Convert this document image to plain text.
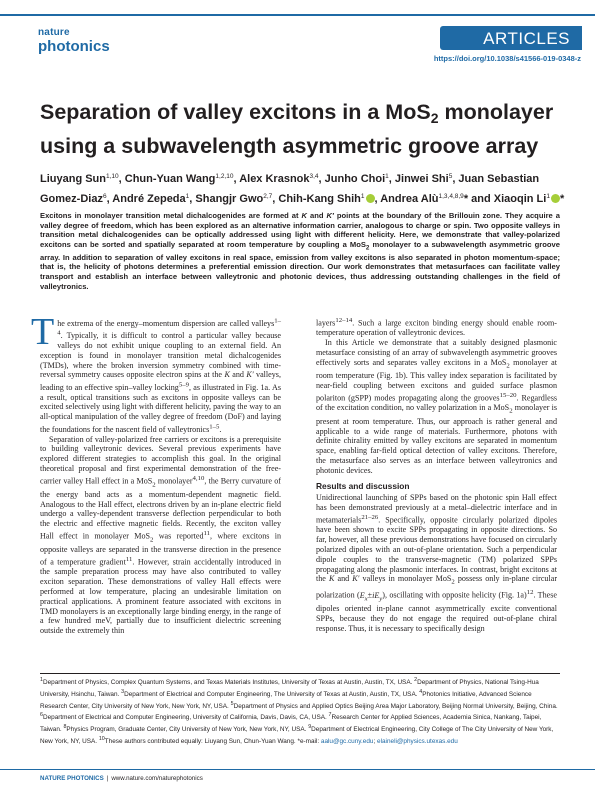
nature
photonics	ARTICLES
https://doi.org/10.1038/s41566-019-0348-z
Separation of valley excitons in a MoS$_2$ monolayer using a subwavelength asymmetric groove array
Liuyang Sun$^{1,10}$, Chun-Yuan Wang$^{1,2,10}$, Alex Krasnok$^{3,4}$, Junho Choi$^1$, Jinwei Shi$^5$, Juan Sebastian Gomez-Diaz$^6$, André Zepeda$^1$, Shangjr Gwo$^{2,7}$, Chih-Kang Shih$^1$ , Andrea Alù$^{1,3,4,8,9}$* and Xiaoqin Li$^1$ *
Excitons in monolayer transition metal dichalcogenides are formed at K and K′ points at the boundary of the Brillouin zone. They acquire a valley degree of freedom, which has been explored as an alternative information carrier, analogous to charge or spin. Two opposite valleys in transition metal dichalcogenides can be optically addressed using light with different helicity. Here, we demonstrate that valley-polarized excitons can be sorted and spatially separated at room temperature by coupling a MoS$_2$ monolayer to a subwavelength asymmetric groove array. In addition to separation of valley excitons in real space, emission from valley excitons is also separated in photon momentum-space; that is, the helicity of photons determines a preferential emission direction. Our work demonstrates that metasurfaces can facilitate valley transport and establish an interface between valleytronic and photonic devices, thus addressing outstanding challenges in the field of valleytronics.

The extrema of the energy–momentum dispersion are called valleys$^{1-4}$. Typically, it is difficult to control a particular valley because valleys do not exhibit unique coupling to an external field. An exception is found in monolayer transition metal dichalcogenides (TMDs), where the broken inversion symmetry combined with time-reversal symmetry causes opposite electron spins at the K and K′ valleys, leading to an effective spin–valley locking$^{5-9}$, as illustrated in Fig. 1a. As a result, optical transitions such as excitons in opposite valleys can be excited selectively using light with different helicity, paving the way to an all-optical manipulation of the valley degree of freedom (DoF) and laying the foundations for the nascent field of valleytronics$^{1-5}$.

Separation of valley-polarized free carriers or excitons is a prerequisite to building valleytronic devices. Several previous experiments have explored different strategies to accomplish this goal. In the original theoretical proposal and first experimental demonstration of the free-carrier valley Hall effect in a MoS$_2$ monolayer$^{4,10}$, the Berry curvature of the energy band acts as a momentum-dependent magnetic field. Analogous to the Hall effect, electrons driven by an in-plane electric field undergo a valley-dependent transverse deflection perpendicular to both the electric and effective magnetic fields. Recently, the exciton valley Hall effect in monolayer MoS$_2$ was reported$^{11}$, where excitons in opposite valleys are separated in the transverse direction in the presence of a temperature gradient$^{11}$. However, strain accidentally introduced in the sample preparation process may have also contributed to valley exciton separation. These demonstrations of valley Hall effects were performed at low temperature, placing an undesirable limitation on practical applications. A prominent feature associated with excitons in TMD monolayers is an exceptionally large binding energy, in the range of a few hundred meV, partially due to insufficient dielectric screening outside the extremely thin

layers$^{12-14}$. Such a large exciton binding energy should enable room-temperature operation of valleytronic devices.

In this Article we demonstrate that a suitably designed plasmonic metasurface consisting of an array of subwavelength asymmetric grooves effectively sorts and separates valley excitons in a MoS$_2$ monolayer at room temperature (Fig. 1b). This valley index separation is facilitated by near-field coupling between excitons and guided surface plasmon polariton (gSPP) modes propagating along the grooves$^{15-20}$. Regardless of the excitation condition, no valley polarization in a MoS$_2$ monolayer is present at room temperature. Thus, our approach is rather general and applicable to a wide range of materials. Furthermore, photons with definite chirality emitted by valley excitons are separated in momentum space, enabling far-field optical detection of valley excitons. Therefore, the metasurface also serves as an interface between valleytronics and photonic devices.

Results and discussion

Unidirectional launching of SPPs based on the photonic spin Hall effect has been demonstrated previously at a metal–dielectric interface and in metamaterials$^{21-26}$. Specifically, opposite circularly polarized dipoles have been shown to excite SPPs propagating in opposite directions. So far, however, all these previous demonstrations have focused on circularly polarized dipoles with an out-of-plane orientation. Such a perpendicular dipole couples to the transverse-magnetic (TM) polarized SPPs propagating along the plasmonic interfaces. In contrast, bright excitons at the K and K′ valleys in monolayer MoS$_2$ possess only in-plane circular polarization $(E_x\pm iE_y)$, oscillating with opposite helicity (Fig. 1a)$^{12}$. These dipoles oriented in-plane cannot asymmetrically excite conventional SPPs, because they do not engage the required out-of-plane chiral response. Thus, it is necessary to specifically design

$^1$Department of Physics, Complex Quantum Systems, and Texas Materials Institutes, University of Texas at Austin, Austin, TX, USA. $^2$Department of Physics, National Tsing-Hua University, Hsinchu, Taiwan. $^3$Department of Electrical and Computer Engineering, The University of Texas at Austin, Austin, TX, USA. $^4$Photonics Initiative, Advanced Science Research Center, City University of New York, New York, NY, USA. $^5$Department of Physics and Applied Optics Beijing Area Major Laboratory, Beijing Normal University, Beijing, China. $^6$Department of Electrical and Computer Engineering, University of California, Davis, Davis, CA, USA. $^7$Research Center for Applied Sciences, Academia Sinica, Nankang, Taipei, Taiwan. $^8$Physics Program, Graduate Center, City University of New York, New York, NY, USA. $^9$Department of Electrical Engineering, City College of The City University of New York, New York, NY, USA. $^{10}$These authors contributed equally: Liuyang Sun, Chun-Yuan Wang. *e-mail: aalu@gc.cuny.edu; elaineli@physics.utexas.edu
NATURE PHOTONICS | www.nature.com/naturephotonics
